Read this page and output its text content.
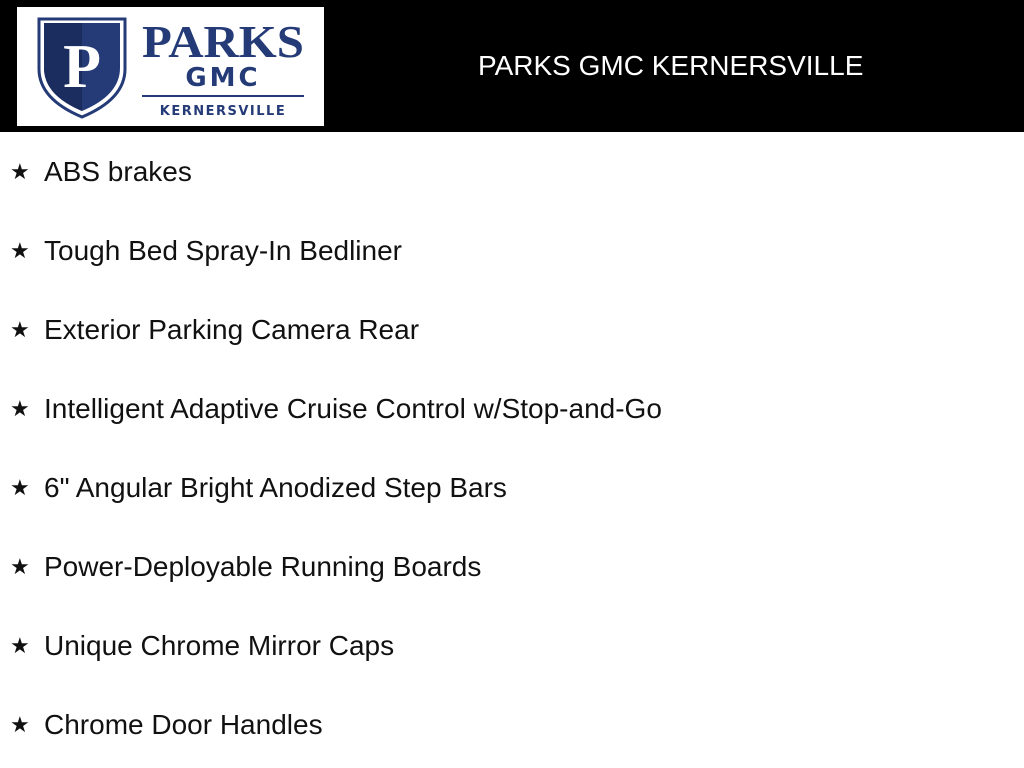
P PARKS
GMC
KERNERSVILLE
PARKS GMC KERNERSVILLE
★ ABS brakes
★ Tough Bed Spray-In Bedliner
★ Exterior Parking Camera Rear
★ Intelligent Adaptive Cruise Control w/Stop-and-Go
★ 6" Angular Bright Anodized Step Bars
★ Power-Deployable Running Boards
★ Unique Chrome Mirror Caps
★ Chrome Door Handles
